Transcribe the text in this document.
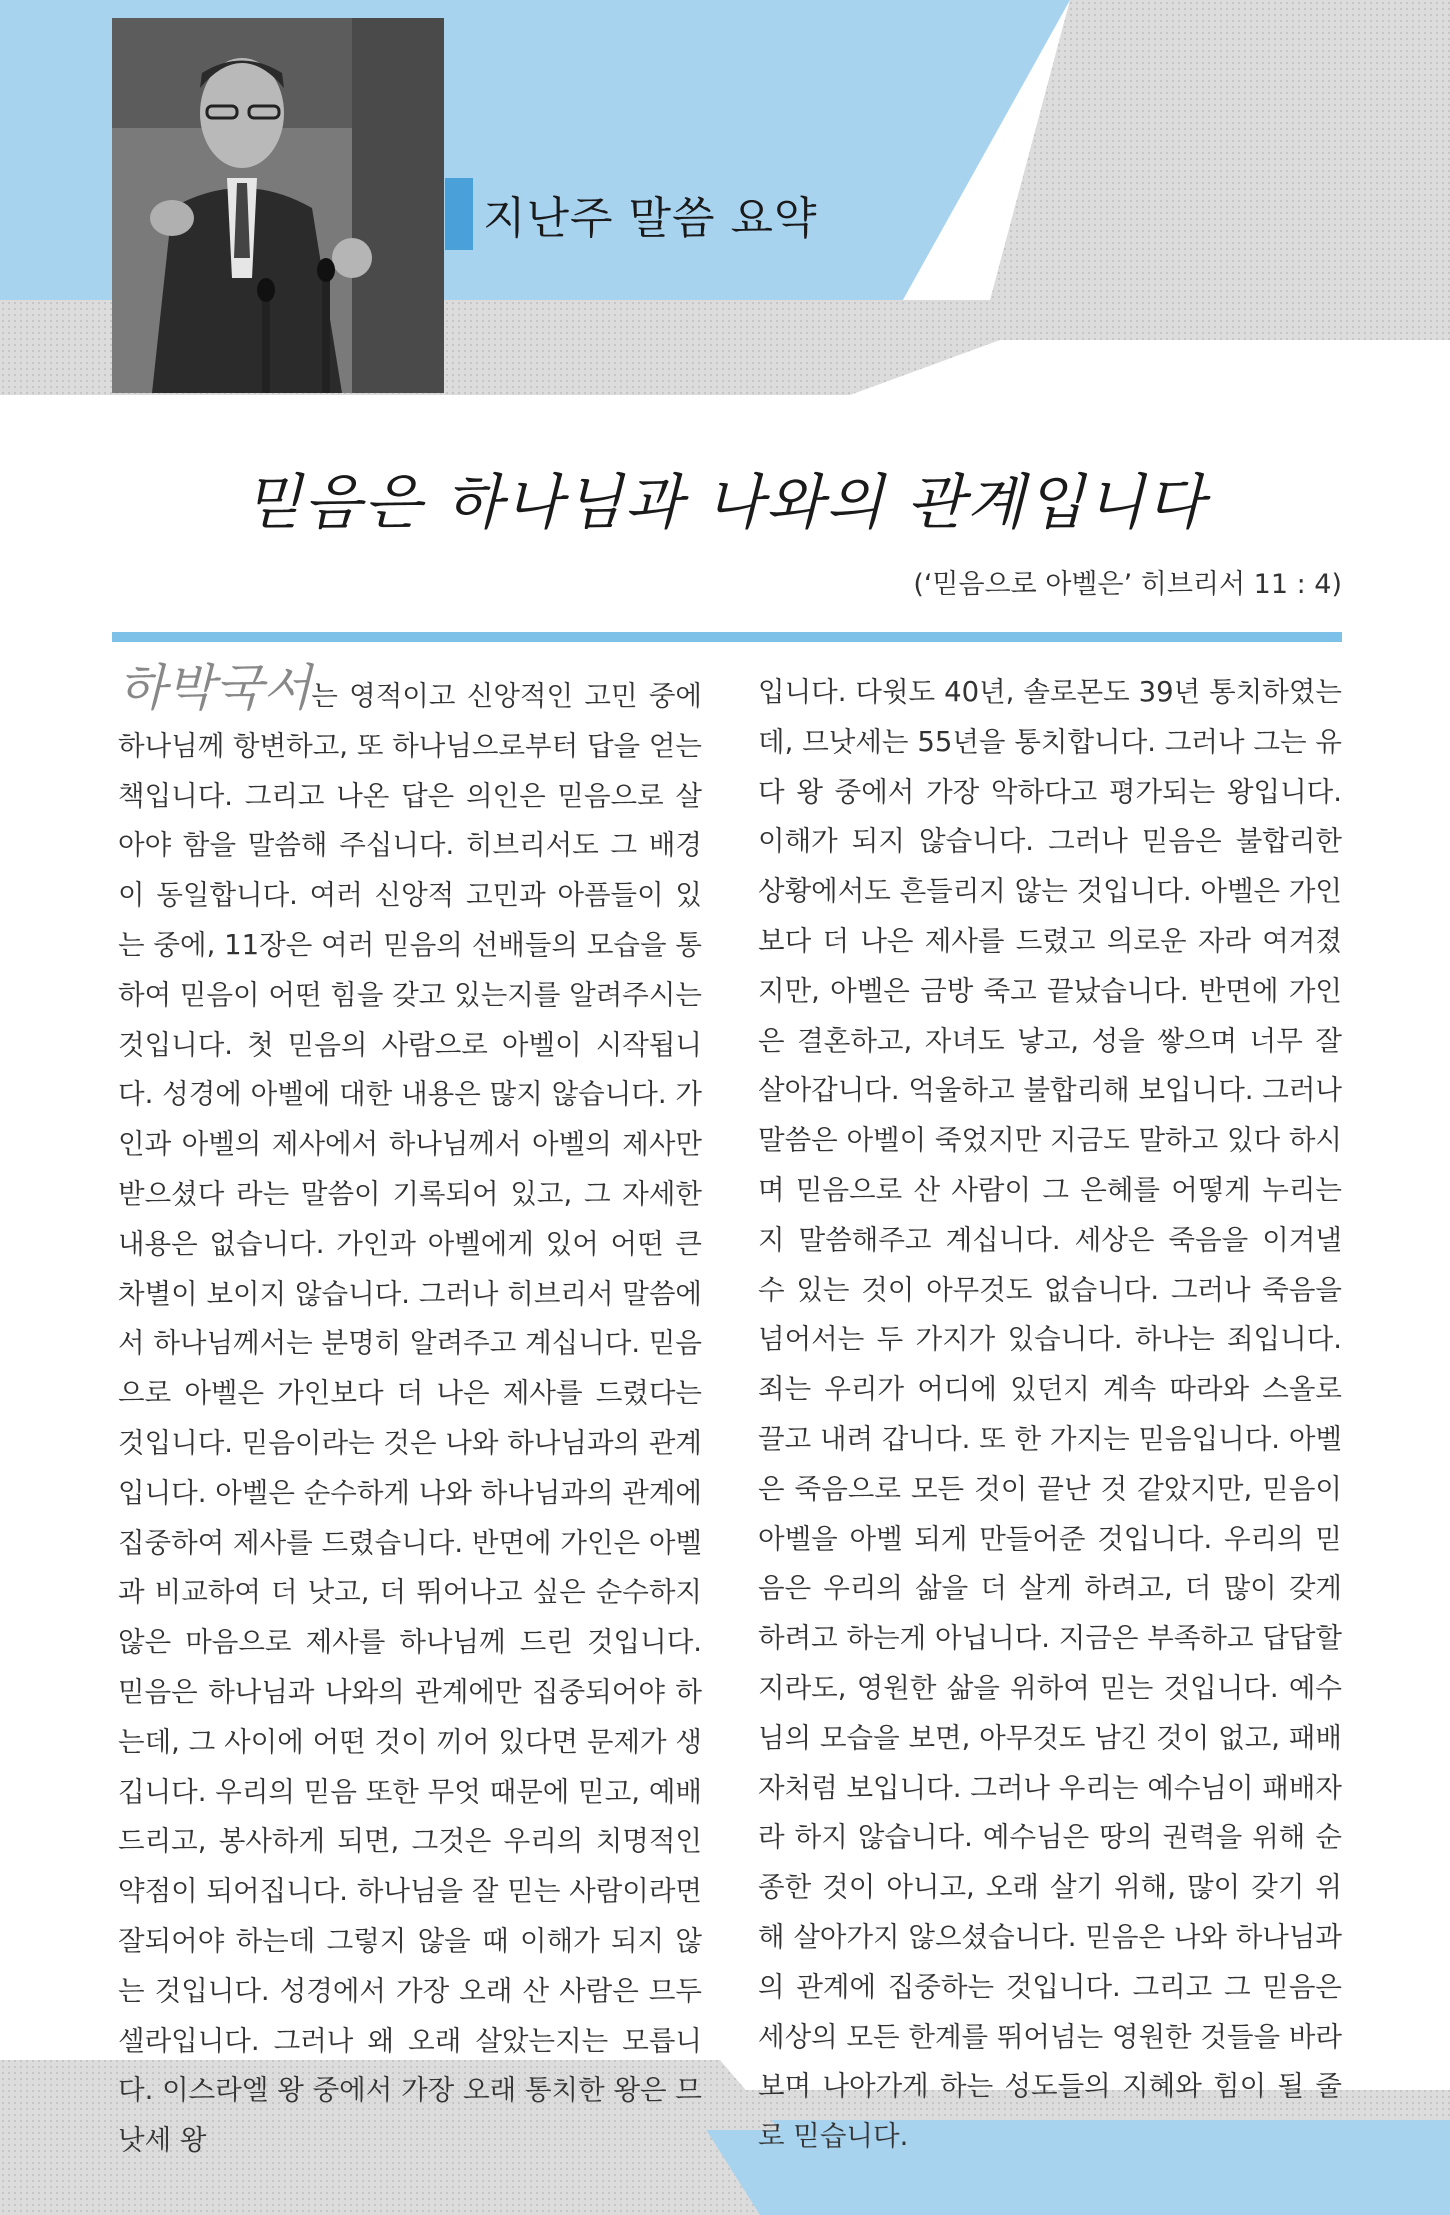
지난주 말씀 요약
믿음은 하나님과 나와의 관계입니다
(‘믿음으로 아벨은’ 히브리서 11 : 4)

하박국서는 영적이고 신앙적인 고민 중에 하나님께 항변하고, 또 하나님으로부터 답을 얻는 책입니다. 그리고 나온 답은 의인은 믿음으로 살아야 함을 말씀해 주십니다. 히브리서도 그 배경이 동일합니다. 여러 신앙적 고민과 아픔들이 있는 중에, 11장은 여러 믿음의 선배들의 모습을 통하여 믿음이 어떤 힘을 갖고 있는지를 알려주시는 것입니다. 첫 믿음의 사람으로 아벨이 시작됩니다. 성경에 아벨에 대한 내용은 많지 않습니다. 가인과 아벨의 제사에서 하나님께서 아벨의 제사만 받으셨다 라는 말씀이 기록되어 있고, 그 자세한 내용은 없습니다. 가인과 아벨에게 있어 어떤 큰 차별이 보이지 않습니다. 그러나 히브리서 말씀에서 하나님께서는 분명히 알려주고 계십니다. 믿음으로 아벨은 가인보다 더 나은 제사를 드렸다는 것입니다. 믿음이라는 것은 나와 하나님과의 관계입니다. 아벨은 순수하게 나와 하나님과의 관계에 집중하여 제사를 드렸습니다. 반면에 가인은 아벨과 비교하여 더 낫고, 더 뛰어나고 싶은 순수하지 않은 마음으로 제사를 하나님께 드린 것입니다. 믿음은 하나님과 나와의 관계에만 집중되어야 하는데, 그 사이에 어떤 것이 끼어 있다면 문제가 생깁니다. 우리의 믿음 또한 무엇 때문에 믿고, 예배드리고, 봉사하게 되면, 그것은 우리의 치명적인 약점이 되어집니다. 하나님을 잘 믿는 사람이라면 잘되어야 하는데 그렇지 않을 때 이해가 되지 않는 것입니다. 성경에서 가장 오래 산 사람은 므두셀라입니다. 그러나 왜 오래 살았는지는 모릅니다. 이스라엘 왕 중에서 가장 오래 통치한 왕은 므낫세 왕

입니다. 다윗도 40년, 솔로몬도 39년 통치하였는데, 므낫세는 55년을 통치합니다. 그러나 그는 유다 왕 중에서 가장 악하다고 평가되는 왕입니다. 이해가 되지 않습니다. 그러나 믿음은 불합리한 상황에서도 흔들리지 않는 것입니다. 아벨은 가인보다 더 나은 제사를 드렸고 의로운 자라 여겨졌지만, 아벨은 금방 죽고 끝났습니다. 반면에 가인은 결혼하고, 자녀도 낳고, 성을 쌓으며 너무 잘 살아갑니다. 억울하고 불합리해 보입니다. 그러나 말씀은 아벨이 죽었지만 지금도 말하고 있다 하시며 믿음으로 산 사람이 그 은혜를 어떻게 누리는지 말씀해주고 계십니다. 세상은 죽음을 이겨낼 수 있는 것이 아무것도 없습니다. 그러나 죽음을 넘어서는 두 가지가 있습니다. 하나는 죄입니다. 죄는 우리가 어디에 있던지 계속 따라와 스올로 끌고 내려 갑니다. 또 한 가지는 믿음입니다. 아벨은 죽음으로 모든 것이 끝난 것 같았지만, 믿음이 아벨을 아벨 되게 만들어준 것입니다. 우리의 믿음은 우리의 삶을 더 살게 하려고, 더 많이 갖게 하려고 하는게 아닙니다. 지금은 부족하고 답답할지라도, 영원한 삶을 위하여 믿는 것입니다. 예수님의 모습을 보면, 아무것도 남긴 것이 없고, 패배자처럼 보입니다. 그러나 우리는 예수님이 패배자라 하지 않습니다. 예수님은 땅의 권력을 위해 순종한 것이 아니고, 오래 살기 위해, 많이 갖기 위해 살아가지 않으셨습니다. 믿음은 나와 하나님과의 관계에 집중하는 것입니다. 그리고 그 믿음은 세상의 모든 한계를 뛰어넘는 영원한 것들을 바라보며 나아가게 하는 성도들의 지혜와 힘이 될 줄로 믿습니다.
